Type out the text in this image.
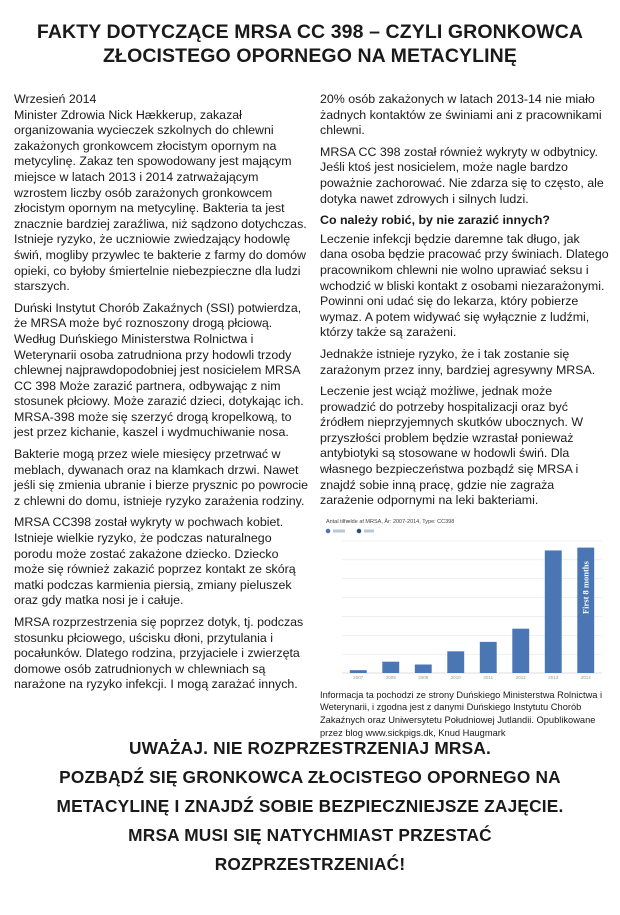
FAKTY DOTYCZĄCE MRSA CC 398 – CZYLI GRONKOWCA
ZŁOCISTEGO OPORNEGO NA METACYLINĘ

Wrzesień 2014

Minister Zdrowia Nick Hækkerup, zakazał organizowania wycieczek szkolnych do chlewni zakażonych gronkowcem złocistym opornym na metycylinę. Zakaz ten spowodowany jest mającym miejsce w latach 2013 i 2014 zatrważającym wzrostem liczby osób zarażonych gronkowcem złocistym opornym na metycylinę. Bakteria ta jest znacznie bardziej zaraźliwa, niż sądzono dotychczas. Istnieje ryzyko, że uczniowie zwiedzający hodowlę świń, mogliby przywlec te bakterie z farmy do domów opieki, co byłoby śmiertelnie niebezpieczne dla ludzi starszych.

Duński Instytut Chorób Zakaźnych (SSI) potwierdza, że MRSA może być roznoszony drogą płciową. Według Duńskiego Ministerstwa Rolnictwa i Weterynarii osoba zatrudniona przy hodowli trzody chlewnej najprawdopodobniej jest nosicielem MRSA CC 398 Może zarazić partnera, odbywając z nim stosunek płciowy. Może zarazić dzieci, dotykając ich. MRSA-398 może się szerzyć drogą kropelkową, to jest przez kichanie, kaszel i wydmuchiwanie nosa.

Bakterie mogą przez wiele miesięcy przetrwać w meblach, dywanach oraz na klamkach drzwi. Nawet jeśli się zmienia ubranie i bierze prysznic po powrocie z chlewni do domu, istnieje ryzyko zarażenia rodziny.

MRSA CC398 został wykryty w pochwach kobiet. Istnieje wielkie ryzyko, że podczas naturalnego porodu może zostać zakażone dziecko. Dziecko może się również zakazić poprzez kontakt ze skórą matki podczas karmienia piersią, zmiany pieluszek oraz gdy matka nosi je i całuje.

MRSA rozprzestrzenia się poprzez dotyk, tj. podczas stosunku płciowego, uścisku dłoni, przytulania i pocałunków. Dlatego rodzina, przyjaciele i zwierzęta domowe osób zatrudnionych w chlewniach są narażone na ryzyko infekcji. I mogą zarażać innych.

20% osób zakażonych w latach 2013-14 nie miało żadnych kontaktów ze świniami ani z pracownikami chlewni.

MRSA CC 398 został również wykryty w odbytnicy. Jeśli ktoś jest nosicielem, może nagle bardzo poważnie zachorować. Nie zdarza się to często, ale dotyka nawet zdrowych i silnych ludzi.

Co należy robić, by nie zarazić innych?

Leczenie infekcji będzie daremne tak długo, jak dana osoba będzie pracować przy świniach. Dlatego pracownikom chlewni nie wolno uprawiać seksu i wchodzić w bliski kontakt z osobami niezarażonymi. Powinni oni udać się do lekarza, który pobierze wymaz. A potem widywać się wyłącznie z ludźmi, którzy także są zarażeni.

Jednakże istnieje ryzyko, że i tak zostanie się zarażonym przez inny, bardziej agresywny MRSA.

Leczenie jest wciąż możliwe, jednak może prowadzić do potrzeby hospitalizacji oraz być źródłem nieprzyjemnych skutków ubocznych. W przyszłości problem będzie wzrastał ponieważ antybiotyki są stosowane w hodowli świń. Dla własnego bezpieczeństwa pozbądź się MRSA i znajdź sobie inną pracę, gdzie nie zagraża zarażenie odpornymi na leki bakteriami.

Antal tilfælde af MRSA, År: 2007-2014, Type: CC398
2007	2008	2009	2010	2011	2012	2013	2014
First 8 months
Informacja ta pochodzi ze strony Duńskiego Ministerstwa Rolnictwa i Weterynarii, i zgodna jest z danymi Duńskiego Instytutu Chorób Zakaźnych oraz Uniwersytetu Południowej Jutlandii. Opublikowane przez blog www.sickpigs.dk, Knud Haugmark
UWAŻAJ. NIE ROZPRZESTRZENIAJ MRSA.
POZBĄDŹ SIĘ GRONKOWCA ZŁOCISTEGO OPORNEGO NA
METACYLINĘ I ZNAJDŹ SOBIE BEZPIECZNIEJSZE ZAJĘCIE.
MRSA MUSI SIĘ NATYCHMIAST PRZESTAĆ
ROZPRZESTRZENIAĆ!
